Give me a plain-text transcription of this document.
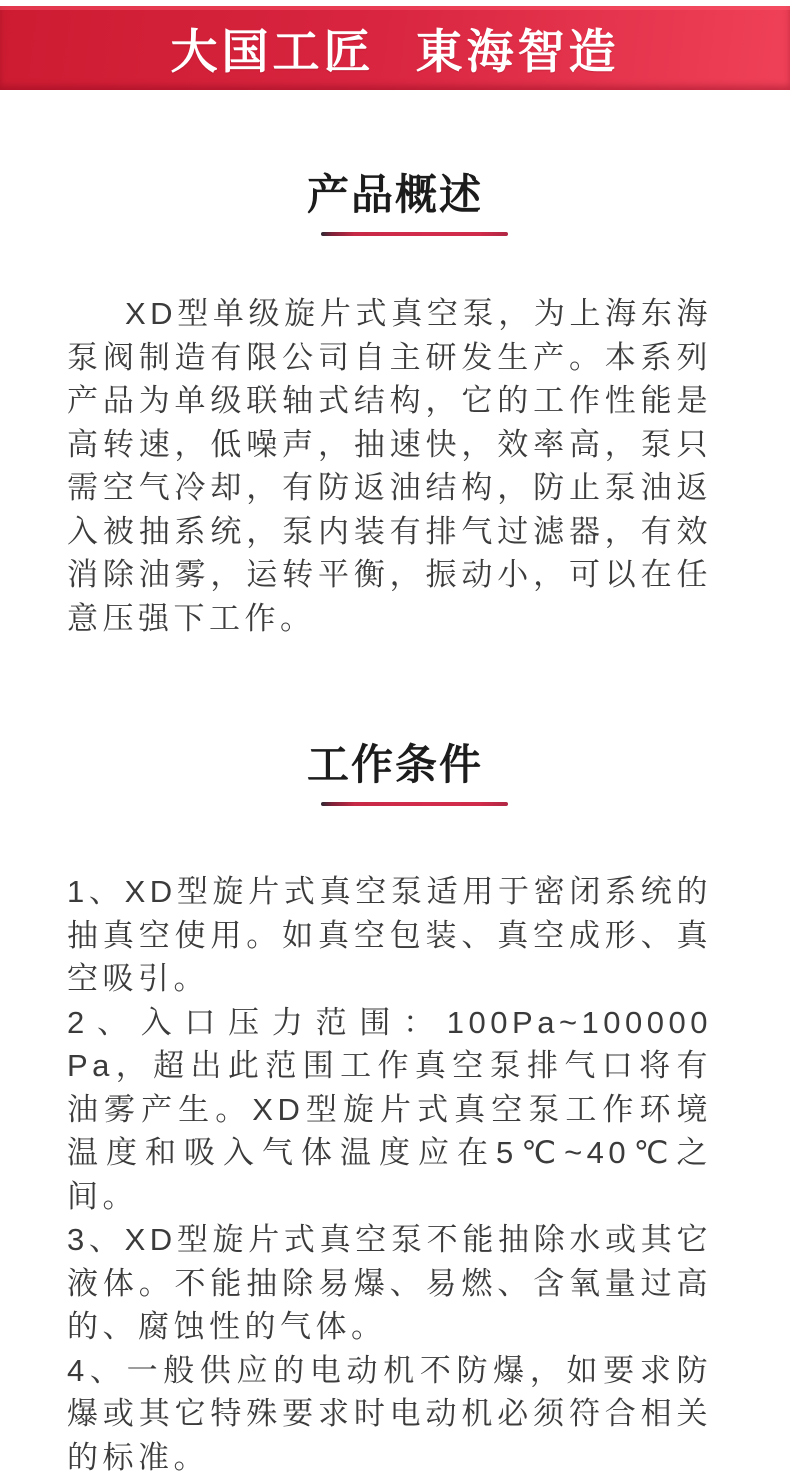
大国工匠 東海智造
产品概述

XD型单级旋片式真空泵，为上海东海泵阀制造有限公司自主研发生产。本系列产品为单级联轴式结构，它的工作性能是高转速，低噪声，抽速快，效率高，泵只需空气冷却，有防返油结构，防止泵油返入被抽系统，泵内装有排气过滤器，有效消除油雾，运转平衡，振动小，可以在任意压强下工作。

工作条件
1、XD型旋片式真空泵适用于密闭系统的抽真空使用。如真空包装、真空成形、真空吸引。
2、入口压力范围：100Pa~100000 Pa，超出此范围工作真空泵排气口将有油雾产生。XD型旋片式真空泵工作环境温度和吸入气体温度应在5℃~40℃之间。
3、XD型旋片式真空泵不能抽除水或其它液体。不能抽除易爆、易燃、含氧量过高的、腐蚀性的气体。
4、一般供应的电动机不防爆，如要求防爆或其它特殊要求时电动机必须符合相关的标准。
